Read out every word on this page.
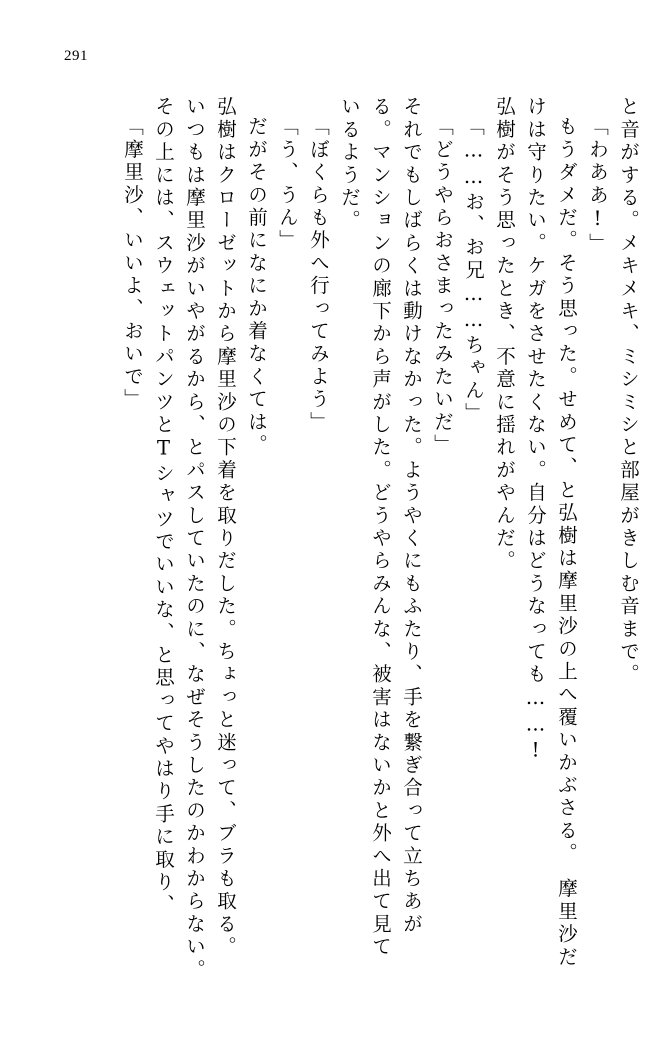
291
と音がする。メキメキ、ミシミシと部屋がきしむ音まで。
「わああ!」
もうダメだ。そう思った。せめて、と弘樹は摩里沙の上へ覆いかぶさる。　摩里沙だ
けは守りたい。ケガをさせたくない。自分はどうなっても……!
弘樹がそう思ったとき、不意に揺れがやんだ。
「……お、お兄……ちゃん」
「どうやらおさまったみたいだ」
それでもしばらくは動けなかった。ようやくにもふたり、手を繋ぎ合って立ちあが
る。マンションの廊下から声がした。どうやらみんな、被害はないかと外へ出て見て
いるようだ。
「ぼくらも外へ行ってみよう」
「う、うん」
だがその前になにか着なくては。
弘樹はクローゼットから摩里沙の下着を取りだした。ちょっと迷って、ブラも取る。
いつもは摩里沙がいやがるから、とパスしていたのに、なぜそうしたのかわからない。
その上には、スウェットパンツとTシャツでいいな、と思ってやはり手に取り、
「摩里沙、いいよ、おいで」
